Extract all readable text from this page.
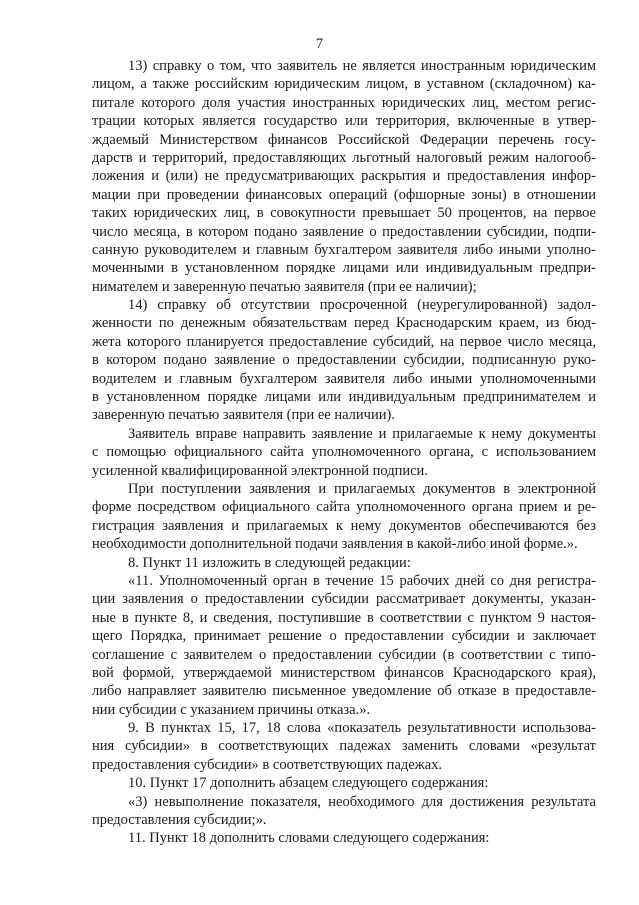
7
13) справку о том, что заявитель не является иностранным юридическим
лицом, а также российским юридическим лицом, в уставном (складочном) ка-
питале которого доля участия иностранных юридических лиц, местом регис-
трации которых является государство или территория, включенные в утвер-
ждаемый Министерством финансов Российской Федерации перечень госу-
дарств и территорий, предоставляющих льготный налоговый режим налогооб-
ложения и (или) не предусматривающих раскрытия и предоставления инфор-
мации при проведении финансовых операций (офшорные зоны) в отношении
таких юридических лиц, в совокупности превышает 50 процентов, на первое
число месяца, в котором подано заявление о предоставлении субсидии, подпи-
санную руководителем и главным бухгалтером заявителя либо иными уполно-
моченными в установленном порядке лицами или индивидуальным предпри-
нимателем и заверенную печатью заявителя (при ее наличии);
14) справку об отсутствии просроченной (неурегулированной) задол-
женности по денежным обязательствам перед Краснодарским краем, из бюд-
жета которого планируется предоставление субсидий, на первое число месяца,
в котором подано заявление о предоставлении субсидии, подписанную руко-
водителем и главным бухгалтером заявителя либо иными уполномоченными
в установленном порядке лицами или индивидуальным предпринимателем и
заверенную печатью заявителя (при ее наличии).
Заявитель вправе направить заявление и прилагаемые к нему документы
с помощью официального сайта уполномоченного органа, с использованием
усиленной квалифицированной электронной подписи.
При поступлении заявления и прилагаемых документов в электронной
форме посредством официального сайта уполномоченного органа прием и ре-
гистрация заявления и прилагаемых к нему документов обеспечиваются без
необходимости дополнительной подачи заявления в какой-либо иной форме.».
8. Пункт 11 изложить в следующей редакции:
«11. Уполномоченный орган в течение 15 рабочих дней со дня регистра-
ции заявления о предоставлении субсидии рассматривает документы, указан-
ные в пункте 8, и сведения, поступившие в соответствии с пунктом 9 настоя-
щего Порядка, принимает решение о предоставлении субсидии и заключает
соглашение с заявителем о предоставлении субсидии (в соответствии с типо-
вой формой, утверждаемой министерством финансов Краснодарского края),
либо направляет заявителю письменное уведомление об отказе в предоставле-
нии субсидии с указанием причины отказа.».
9. В пунктах 15, 17, 18 слова «показатель результативности использова-
ния субсидии» в соответствующих падежах заменить словами «результат
предоставления субсидии» в соответствующих падежах.
10. Пункт 17 дополнить абзацем следующего содержания:
«3) невыполнение показателя, необходимого для достижения результата
предоставления субсидии;».
11. Пункт 18 дополнить словами следующего содержания:
